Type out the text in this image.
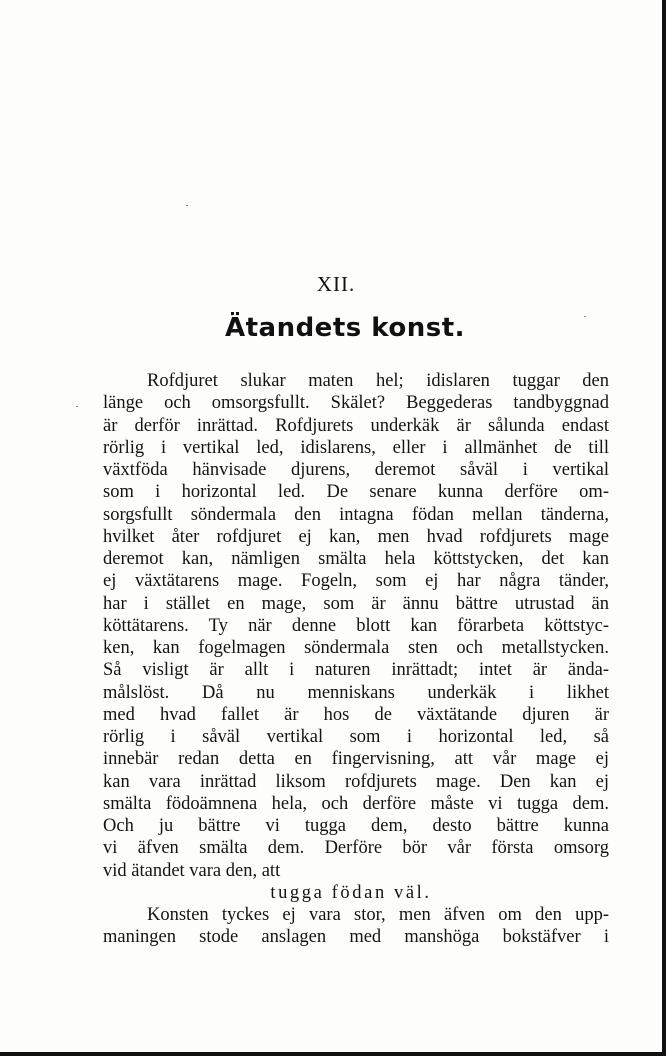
XII.
Ätandets konst.
Rofdjuret slukar maten hel; idislaren tuggar den
länge och omsorgsfullt. Skälet? Beggederas tandbyggnad
är derför inrättad. Rofdjurets underkäk är sålunda endast
rörlig i vertikal led, idislarens, eller i allmänhet de till
växtföda hänvisade djurens, deremot såväl i vertikal
som i horizontal led. De senare kunna derföre om-
sorgsfullt söndermala den intagna födan mellan tänderna,
hvilket åter rofdjuret ej kan, men hvad rofdjurets mage
deremot kan, nämligen smälta hela köttstycken, det kan
ej växtätarens mage. Fogeln, som ej har några tänder,
har i stället en mage, som är ännu bättre utrustad än
köttätarens. Ty när denne blott kan förarbeta köttstyc-
ken, kan fogelmagen söndermala sten och metallstycken.
Så visligt är allt i naturen inrättadt; intet är ända-
målslöst. Då nu menniskans underkäk i likhet
med hvad fallet är hos de växtätande djuren är
rörlig i såväl vertikal som i horizontal led, så
innebär redan detta en fingervisning, att vår mage ej
kan vara inrättad liksom rofdjurets mage. Den kan ej
smälta födoämnena hela, och derföre måste vi tugga dem.
Och ju bättre vi tugga dem, desto bättre kunna
vi äfven smälta dem. Derföre bör vår första omsorg
vid ätandet vara den, att
tugga födan väl.
Konsten tyckes ej vara stor, men äfven om den upp-
maningen stode anslagen med manshöga bokstäfver i
